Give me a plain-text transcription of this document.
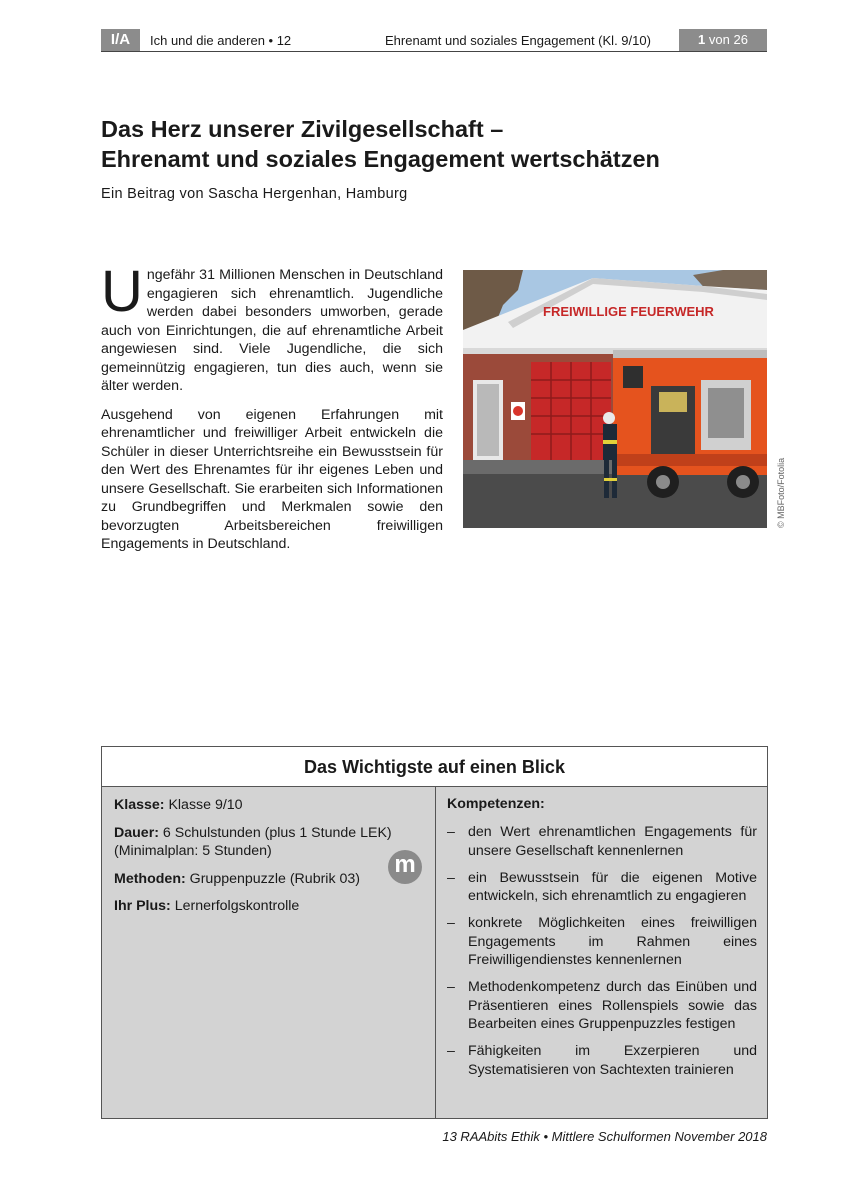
I/A	Ich und die anderen • 12	Ehrenamt und soziales Engagement (Kl. 9/10)	1 von 26
Das Herz unserer Zivilgesellschaft –
Ehrenamt und soziales Engagement wertschätzen
Ein Beitrag von Sascha Hergenhan, Hamburg

Ungefähr 31 Millionen Menschen in Deutschland engagieren sich ehrenamtlich. Jugendliche werden dabei besonders umworben, gerade auch von Einrichtungen, die auf ehrenamtliche Arbeit angewiesen sind. Viele Jugendliche, die sich gemeinnützig engagieren, tun dies auch, wenn sie älter werden.

Ausgehend von eigenen Erfahrungen mit ehrenamtlicher und freiwilliger Arbeit entwickeln die Schüler in dieser Unterrichtsreihe ein Bewusstsein für den Wert des Ehrenamtes für ihr eigenes Leben und unsere Gesellschaft. Sie erarbeiten sich Informationen zu Grundbegriffen und Merkmalen sowie den bevorzugten Arbeitsbereichen freiwilligen Engagements in Deutschland.

FREIWILLIGE FEUERWEHR
© MBFoto/Fotolia
Das Wichtigste auf einen Blick
Klasse: Klasse 9/10
Dauer: 6 Schulstunden (plus 1 Stunde LEK) (Minimalplan: 5 Stunden)
Methoden: Gruppenpuzzle (Rubrik 03)
Ihr Plus: Lernerfolgskontrolle
m
Kompetenzen:
– den Wert ehrenamtlichen Engagements für unsere Gesellschaft kennenlernen
– ein Bewusstsein für die eigenen Motive entwickeln, sich ehrenamtlich zu engagieren
– konkrete Möglichkeiten eines freiwilligen Engagements im Rahmen eines Freiwilligendienstes kennenlernen
– Methodenkompetenz durch das Einüben und Präsentieren eines Rollenspiels sowie das Bearbeiten eines Gruppenpuzzles festigen
– Fähigkeiten im Exzerpieren und Systematisieren von Sachtexten trainieren
13 RAAbits Ethik • Mittlere Schulformen November 2018
